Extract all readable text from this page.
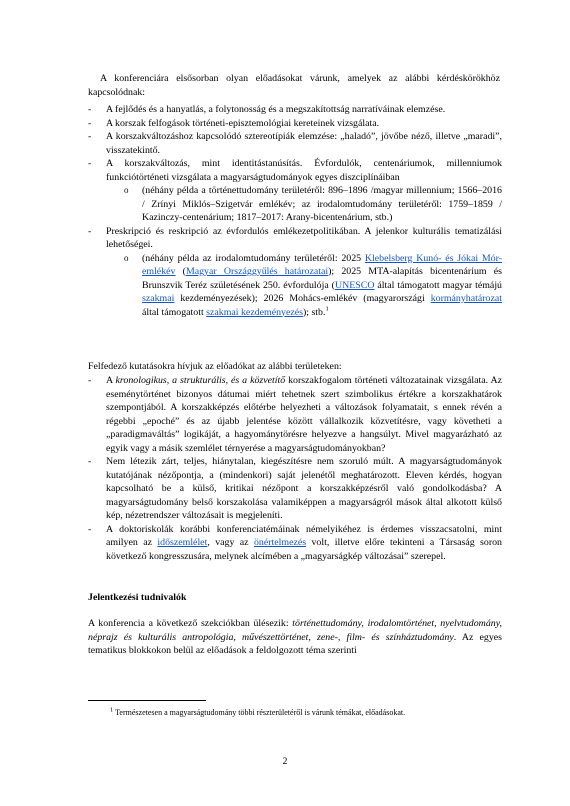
A konferenciára elsősorban olyan előadásokat várunk, amelyek az alábbi kérdéskörökhöz kapcsolódnak:

- A fejlődés és a hanyatlás, a folytonosság és a megszakítottság narratíváinak elemzése.
- A korszak felfogások történeti-episztemológiai kereteinek vizsgálata.
- A korszakváltozáshoz kapcsolódó sztereotípiák elemzése: „haladó”, jövőbe néző, illetve „maradi”, visszatekintő.
- A korszakváltozás, mint identitástanúsítás. Évfordulók, centenáriumok, millenniumok funkciótörténeti vizsgálata a magyarságtudományok egyes diszciplínáiban
o (néhány példa a történettudomány területéről: 896–1896 /magyar millennium; 1566–2016 / Zrínyi Miklós–Szigetvár emlékév; az irodalomtudomány területéről: 1759–1859 / Kazinczy-centenárium; 1817–2017: Arany-bicentenárium, stb.)
- Preskripció és reskripció az évfordulós emlékezetpolitikában. A jelenkor kulturális tematizálási lehetőségei.
o (néhány példa az irodalomtudomány területéről: 2025 Klebelsberg Kunó- és Jókai Mór-emlékév (Magyar Országgyűlés határozatai); 2025 MTA-alapítás bicentenárium és Brunszvik Teréz születésének 250. évfordulója (UNESCO által támogatott magyar témájú szakmai kezdeményezések); 2026 Mohács-emlékév (magyarországi kormányhatározat által támogatott szakmai kezdeményezés); stb.$^1$

Felfedező kutatásokra hívjuk az előadókat az alábbi területeken:

- A kronologikus, a strukturális, és a közvetítő korszakfogalom történeti változatainak vizsgálata. Az eseménytörténet bizonyos dátumai miért tehetnek szert szimbolikus értékre a korszakhatárok szempontjából. A korszakképzés előtérbe helyezheti a változások folyamatait, s ennek révén a régebbi „epoché” és az újabb jelentése között vállalkozik közvetítésre, vagy követheti a „paradigmaváltás” logikáját, a hagyománytörésre helyezve a hangsúlyt. Mivel magyarázható az egyik vagy a másik szemlélet térnyerése a magyarságtudományokban?
- Nem létezik zárt, teljes, hiánytalan, kiegészítésre nem szoruló múlt. A magyarságtudományok kutatójának nézőpontja, a (mindenkori) saját jelenétől meghatározott. Eleven kérdés, hogyan kapcsolható be a külső, kritikai nézőpont a korszakképzésről való gondolkodásba? A magyarságtudomány belső korszakolása valamiképpen a magyarságról mások által alkotott külső kép, nézetrendszer változásait is megjeleníti.
- A doktoriskolák korábbi konferenciatémáinak némelyikéhez is érdemes visszacsatolni, mint amilyen az időszemlélet, vagy az önértelmezés volt, illetve előre tekintenі a Társaság soron következő kongresszusára, melynek alcímében a „magyarságkép változásai” szerepel.
Jelentkezési tudnivalók

A konferencia a következő szekciókban ülésezik: történettudomány, irodalomtörténet, nyelvtudomány, néprajz és kulturális antropológia, művészettörténet, zene-, film- és színháztudomány. Az egyes tematikus blokkokon belül az előadások a feldolgozott téma szerinti

$^1$ Természetesen a magyarságtudomány többi részterületéről is várunk témákat, előadásokat.
2
